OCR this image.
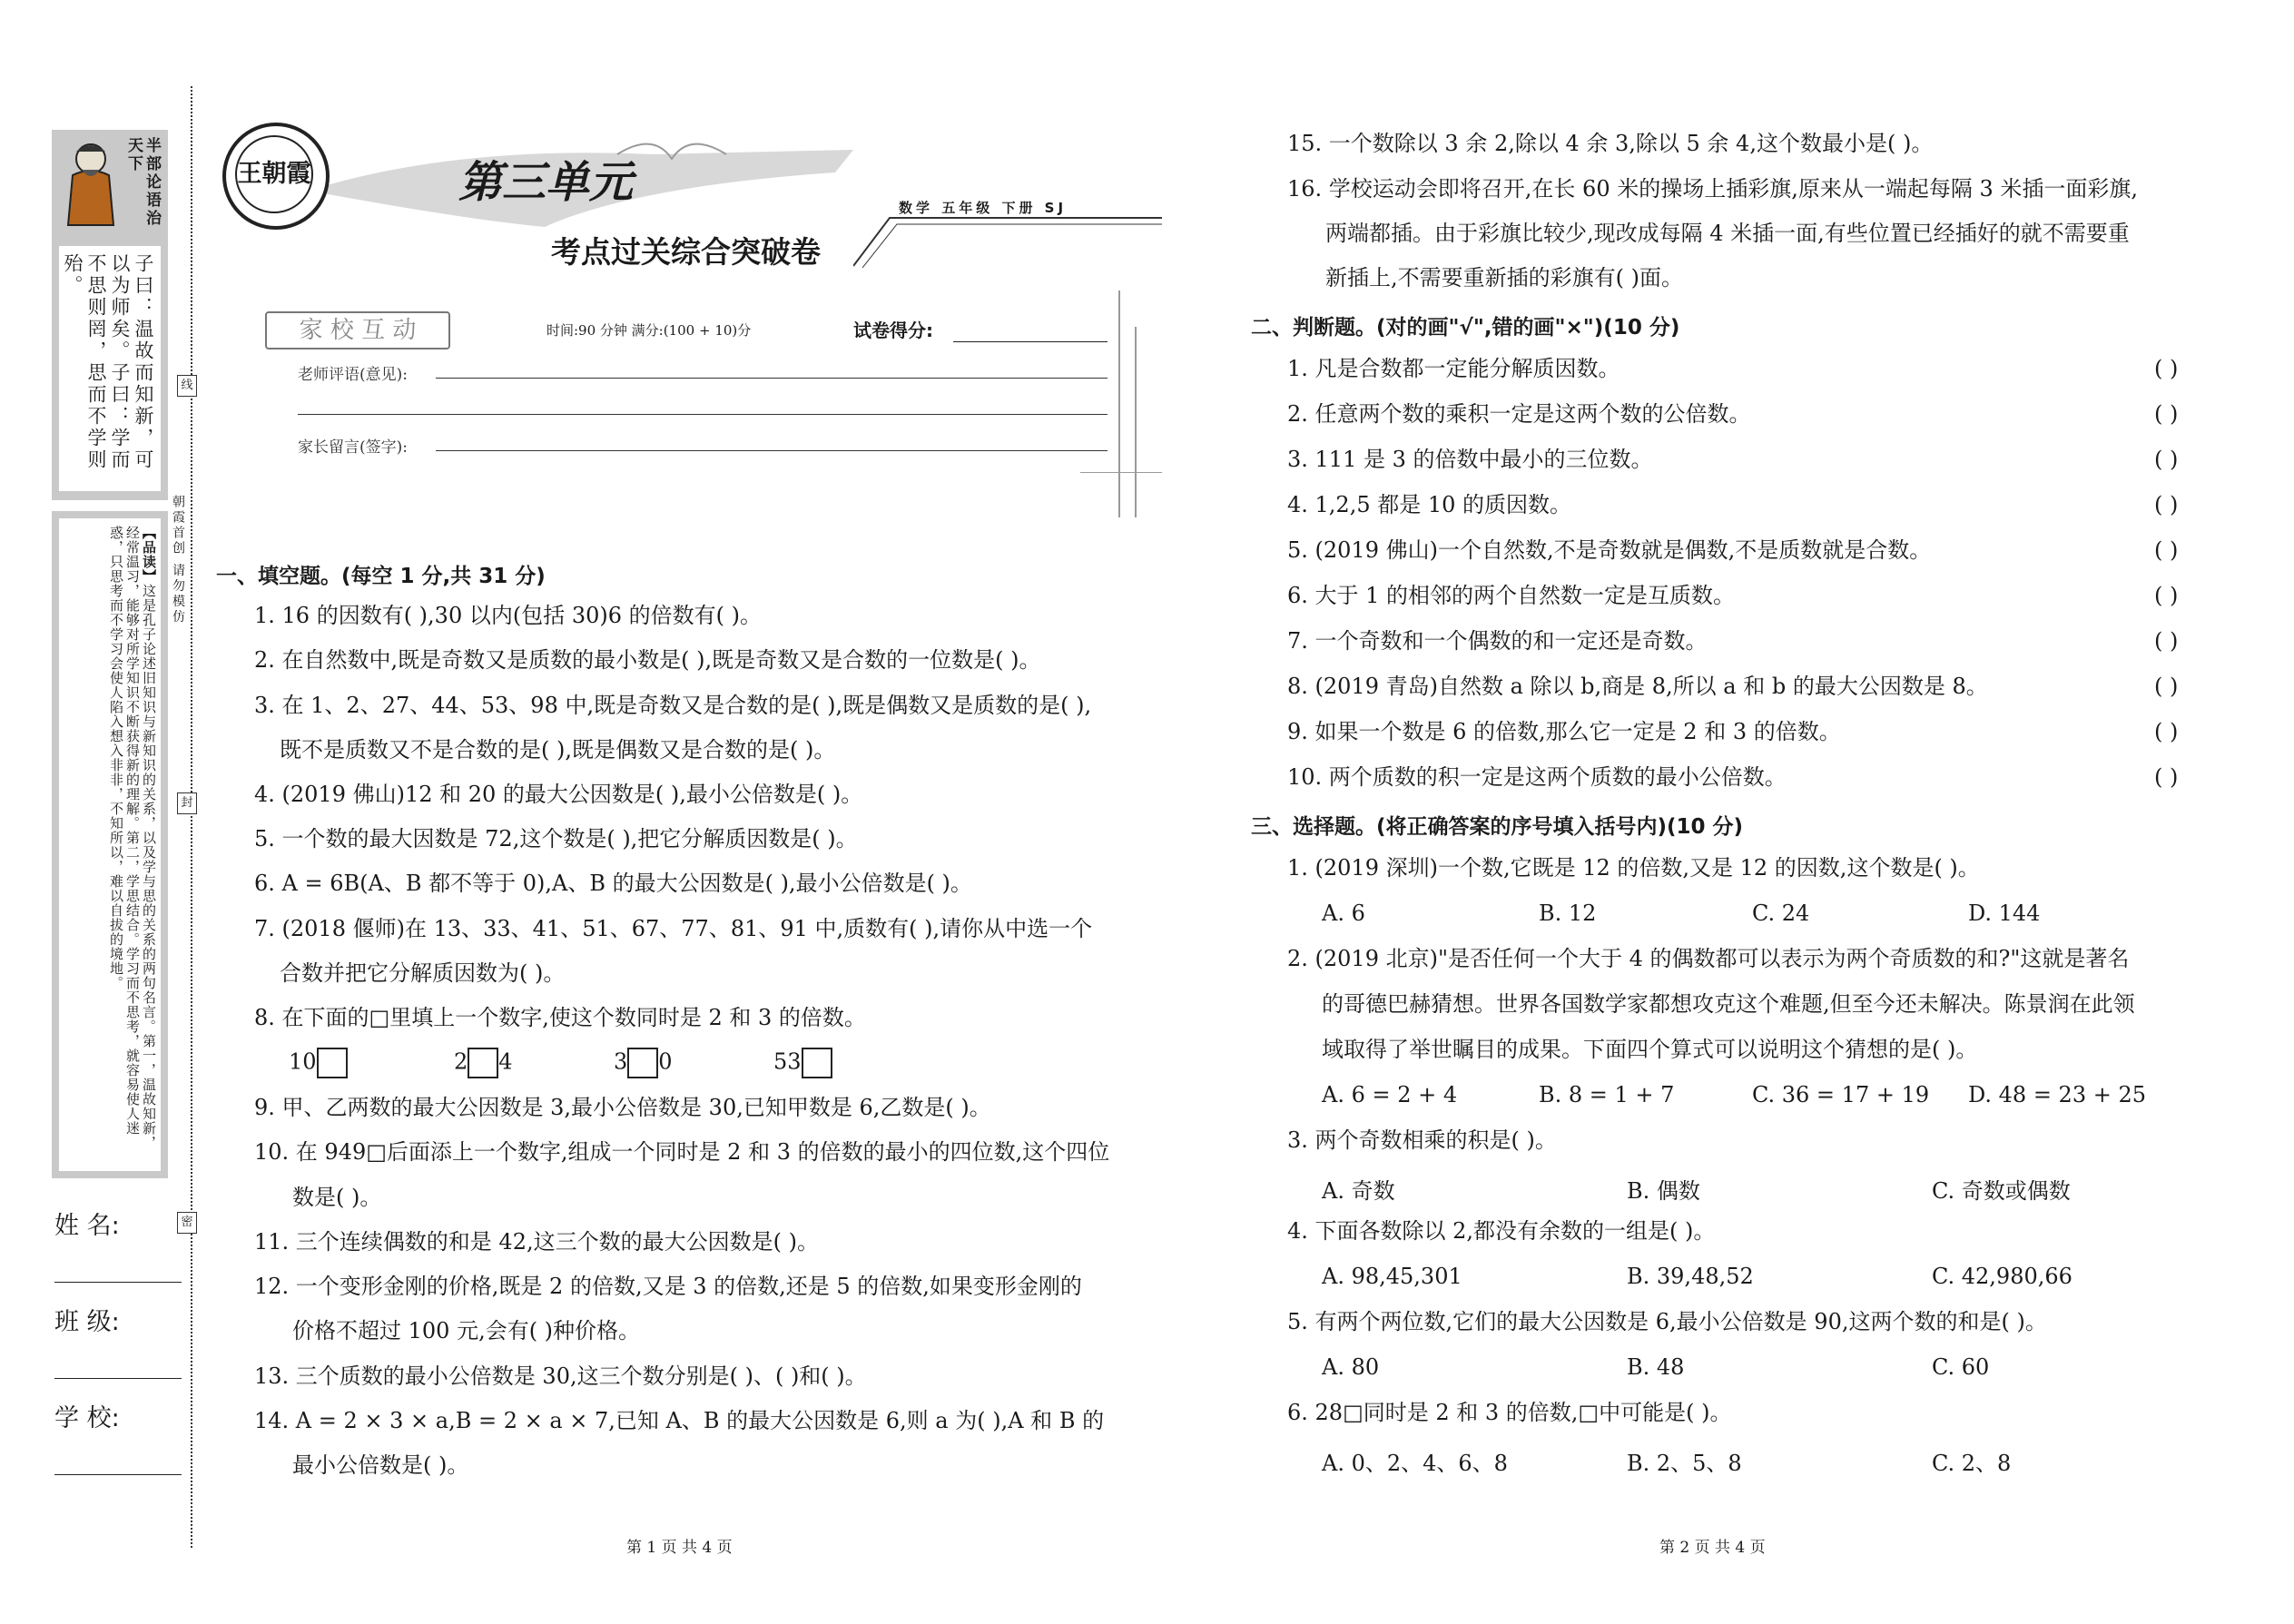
半部论语治天下
子曰：温故而知新，可以为师矣。子曰：学而不思则罔，思而不学则殆。
【品读】这是孔子论述旧知识与新知识的关系，以及学与思的关系的两句名言。第一，温故知新，经常温习，能够对所学知识不断获得新的理解。第二，学思结合。学习而不思考，就容易使人迷惑，只思考而不学习会使人陷入想入非非，不知所以，难以自拔的境地。
姓 名:
班 级:
学 校:
朝霞首创 请勿模仿
线
封
密
王朝霞	第三单元
考点过关综合突破卷
数学 五年级 下册 SJ
家 校 互 动	时间:90 分钟 满分:(100 + 10)分	试卷得分:
老师评语(意见):
家长留言(签字):
一、填空题。(每空 1 分,共 31 分)
1. 16 的因数有( ),30 以内(包括 30)6 的倍数有( )。
2. 在自然数中,既是奇数又是质数的最小数是( ),既是奇数又是合数的一位数是( )。
3. 在 1、2、27、44、53、98 中,既是奇数又是合数的是( ),既是偶数又是质数的是( ),
既不是质数又不是合数的是( ),既是偶数又是合数的是( )。
4. (2019 佛山)12 和 20 的最大公因数是( ),最小公倍数是( )。
5. 一个数的最大因数是 72,这个数是( ),把它分解质因数是( )。
6. A = 6B(A、B 都不等于 0),A、B 的最大公因数是( ),最小公倍数是( )。
7. (2018 偃师)在 13、33、41、51、67、77、81、91 中,质数有( ),请你从中选一个
合数并把它分解质因数为( )。
8. 在下面的□里填上一个数字,使这个数同时是 2 和 3 的倍数。
10	2 4	3 0	53
9. 甲、乙两数的最大公因数是 3,最小公倍数是 30,已知甲数是 6,乙数是( )。
10. 在 949□后面添上一个数字,组成一个同时是 2 和 3 的倍数的最小的四位数,这个四位
数是( )。
11. 三个连续偶数的和是 42,这三个数的最大公因数是( )。
12. 一个变形金刚的价格,既是 2 的倍数,又是 3 的倍数,还是 5 的倍数,如果变形金刚的
价格不超过 100 元,会有( )种价格。
13. 三个质数的最小公倍数是 30,这三个数分别是( )、( )和( )。
14. A = 2 × 3 × a,B = 2 × a × 7,已知 A、B 的最大公因数是 6,则 a 为( ),A 和 B 的
最小公倍数是( )。
第 1 页 共 4 页
15. 一个数除以 3 余 2,除以 4 余 3,除以 5 余 4,这个数最小是( )。
16. 学校运动会即将召开,在长 60 米的操场上插彩旗,原来从一端起每隔 3 米插一面彩旗,
两端都插。由于彩旗比较少,现改成每隔 4 米插一面,有些位置已经插好的就不需要重
新插上,不需要重新插的彩旗有( )面。
二、判断题。(对的画"√",错的画"×")(10 分)
1. 凡是合数都一定能分解质因数。	( )
2. 任意两个数的乘积一定是这两个数的公倍数。	( )
3. 111 是 3 的倍数中最小的三位数。	( )
4. 1,2,5 都是 10 的质因数。	( )
5. (2019 佛山)一个自然数,不是奇数就是偶数,不是质数就是合数。	( )
6. 大于 1 的相邻的两个自然数一定是互质数。	( )
7. 一个奇数和一个偶数的和一定还是奇数。	( )
8. (2019 青岛)自然数 a 除以 b,商是 8,所以 a 和 b 的最大公因数是 8。	( )
9. 如果一个数是 6 的倍数,那么它一定是 2 和 3 的倍数。	( )
10. 两个质数的积一定是这两个质数的最小公倍数。	( )
三、选择题。(将正确答案的序号填入括号内)(10 分)
1. (2019 深圳)一个数,它既是 12 的倍数,又是 12 的因数,这个数是( )。
A. 6	B. 12	C. 24	D. 144
2. (2019 北京)"是否任何一个大于 4 的偶数都可以表示为两个奇质数的和?"这就是著名
的哥德巴赫猜想。世界各国数学家都想攻克这个难题,但至今还未解决。陈景润在此领
域取得了举世瞩目的成果。下面四个算式可以说明这个猜想的是( )。
A. 6 = 2 + 4	B. 8 = 1 + 7	C. 36 = 17 + 19 D. 48 = 23 + 25
3. 两个奇数相乘的积是( )。
A. 奇数	B. 偶数	C. 奇数或偶数
4. 下面各数除以 2,都没有余数的一组是( )。
A. 98,45,301	B. 39,48,52	C. 42,980,66
5. 有两个两位数,它们的最大公因数是 6,最小公倍数是 90,这两个数的和是( )。
A. 80	B. 48	C. 60
6. 28□同时是 2 和 3 的倍数,□中可能是( )。
A. 0、2、4、6、8	B. 2、5、8	C. 2、8
第 2 页 共 4 页
